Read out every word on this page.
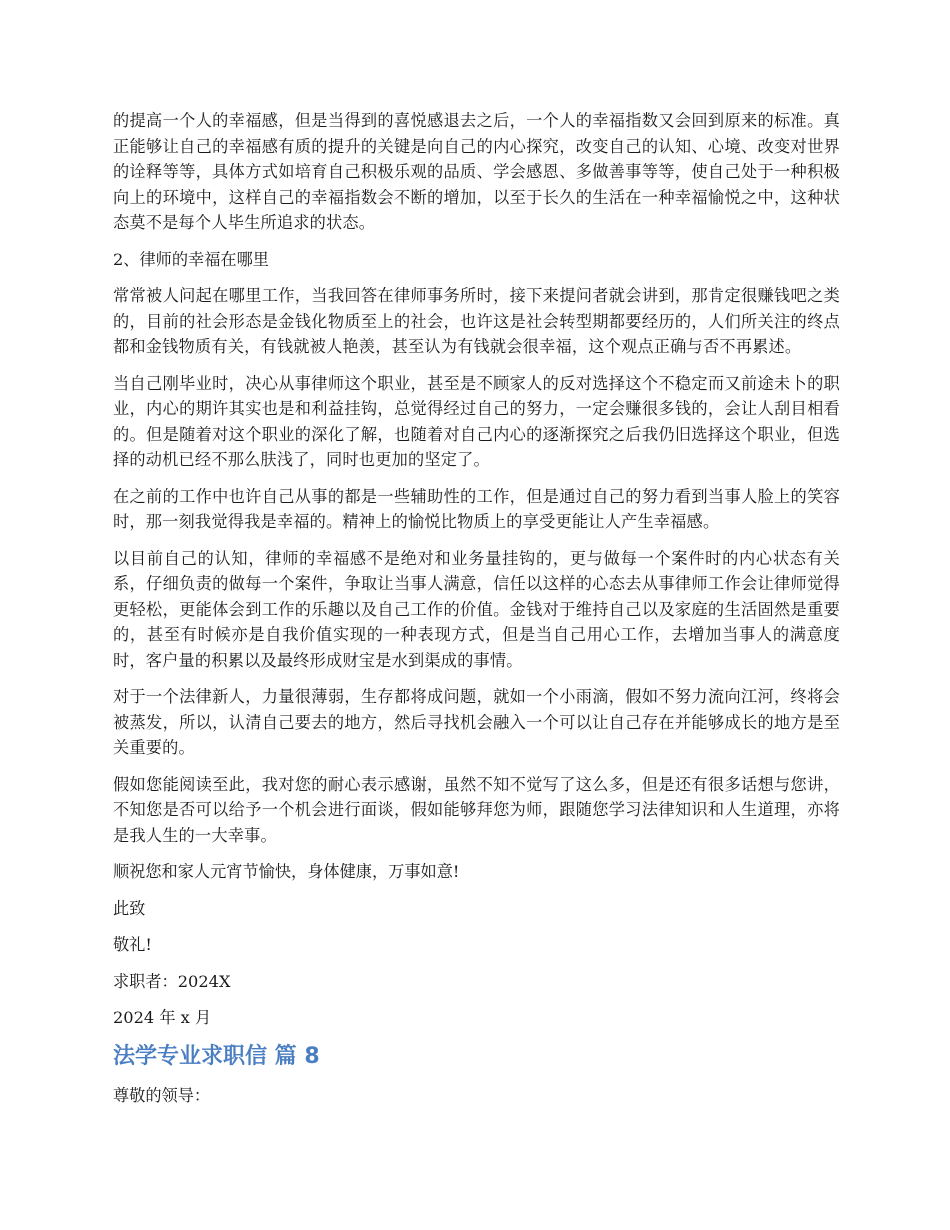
的提高一个人的幸福感，但是当得到的喜悦感退去之后，一个人的幸福指数又会回到原来的标准。真正能够让自己的幸福感有质的提升的关键是向自己的内心探究，改变自己的认知、心境、改变对世界的诠释等等，具体方式如培育自己积极乐观的品质、学会感恩、多做善事等等，使自己处于一种积极向上的环境中，这样自己的幸福指数会不断的增加，以至于长久的生活在一种幸福愉悦之中，这种状态莫不是每个人毕生所追求的状态。

2、律师的幸福在哪里

常常被人问起在哪里工作，当我回答在律师事务所时，接下来提问者就会讲到，那肯定很赚钱吧之类的，目前的社会形态是金钱化物质至上的社会，也许这是社会转型期都要经历的，人们所关注的终点都和金钱物质有关，有钱就被人艳羡，甚至认为有钱就会很幸福，这个观点正确与否不再累述。

当自己刚毕业时，决心从事律师这个职业，甚至是不顾家人的反对选择这个不稳定而又前途未卜的职业，内心的期许其实也是和利益挂钩，总觉得经过自己的努力，一定会赚很多钱的，会让人刮目相看的。但是随着对这个职业的深化了解，也随着对自己内心的逐渐探究之后我仍旧选择这个职业，但选择的动机已经不那么肤浅了，同时也更加的坚定了。

在之前的工作中也许自己从事的都是一些辅助性的工作，但是通过自己的努力看到当事人脸上的笑容时，那一刻我觉得我是幸福的。精神上的愉悦比物质上的享受更能让人产生幸福感。

以目前自己的认知，律师的幸福感不是绝对和业务量挂钩的，更与做每一个案件时的内心状态有关系，仔细负责的做每一个案件，争取让当事人满意，信任以这样的心态去从事律师工作会让律师觉得更轻松，更能体会到工作的乐趣以及自己工作的价值。金钱对于维持自己以及家庭的生活固然是重要的，甚至有时候亦是自我价值实现的一种表现方式，但是当自己用心工作，去增加当事人的满意度时，客户量的积累以及最终形成财宝是水到渠成的事情。

对于一个法律新人，力量很薄弱，生存都将成问题，就如一个小雨滴，假如不努力流向江河，终将会被蒸发，所以，认清自己要去的地方，然后寻找机会融入一个可以让自己存在并能够成长的地方是至关重要的。

假如您能阅读至此，我对您的耐心表示感谢，虽然不知不觉写了这么多，但是还有很多话想与您讲，不知您是否可以给予一个机会进行面谈，假如能够拜您为师，跟随您学习法律知识和人生道理，亦将是我人生的一大幸事。

顺祝您和家人元宵节愉快，身体健康，万事如意!

此致

敬礼!

求职者：2024X

2024 年 x 月

法学专业求职信 篇 8

尊敬的领导：
